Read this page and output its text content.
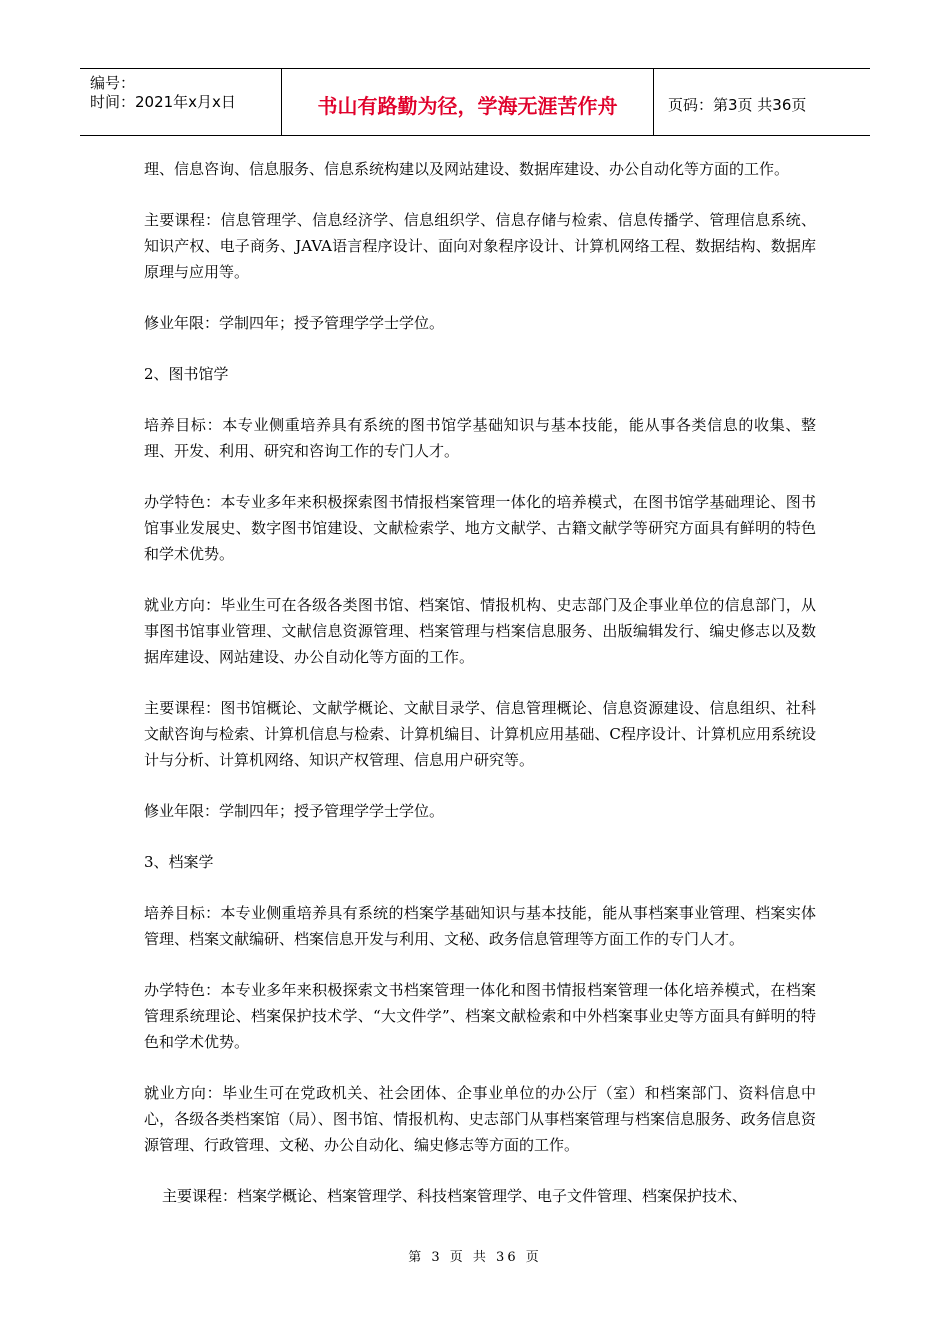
编号：
时间：2021年x月x日	书山有路勤为径，学海无涯苦作舟	页码：第3页 共36页

理、信息咨询、信息服务、信息系统构建以及网站建设、数据库建设、办公自动化等方面的工作。

主要课程：信息管理学、信息经济学、信息组织学、信息存储与检索、信息传播学、管理信息系统、知识产权、电子商务、JAVA语言程序设计、面向对象程序设计、计算机网络工程、数据结构、数据库原理与应用等。

修业年限：学制四年；授予管理学学士学位。

2、图书馆学

培养目标：本专业侧重培养具有系统的图书馆学基础知识与基本技能，能从事各类信息的收集、整理、开发、利用、研究和咨询工作的专门人才。

办学特色：本专业多年来积极探索图书情报档案管理一体化的培养模式，在图书馆学基础理论、图书馆事业发展史、数字图书馆建设、文献检索学、地方文献学、古籍文献学等研究方面具有鲜明的特色和学术优势。

就业方向：毕业生可在各级各类图书馆、档案馆、情报机构、史志部门及企事业单位的信息部门，从事图书馆事业管理、文献信息资源管理、档案管理与档案信息服务、出版编辑发行、编史修志以及数据库建设、网站建设、办公自动化等方面的工作。

主要课程：图书馆概论、文献学概论、文献目录学、信息管理概论、信息资源建设、信息组织、社科文献咨询与检索、计算机信息与检索、计算机编目、计算机应用基础、C程序设计、计算机应用系统设计与分析、计算机网络、知识产权管理、信息用户研究等。

修业年限：学制四年；授予管理学学士学位。

3、档案学

培养目标：本专业侧重培养具有系统的档案学基础知识与基本技能，能从事档案事业管理、档案实体管理、档案文献编研、档案信息开发与利用、文秘、政务信息管理等方面工作的专门人才。

办学特色：本专业多年来积极探索文书档案管理一体化和图书情报档案管理一体化培养模式，在档案管理系统理论、档案保护技术学、“大文件学”、档案文献检索和中外档案事业史等方面具有鲜明的特色和学术优势。

就业方向：毕业生可在党政机关、社会团体、企事业单位的办公厅（室）和档案部门、资料信息中心，各级各类档案馆（局）、图书馆、情报机构、史志部门从事档案管理与档案信息服务、政务信息资源管理、行政管理、文秘、办公自动化、编史修志等方面的工作。

主要课程：档案学概论、档案管理学、科技档案管理学、电子文件管理、档案保护技术、

第 3 页 共 36 页
